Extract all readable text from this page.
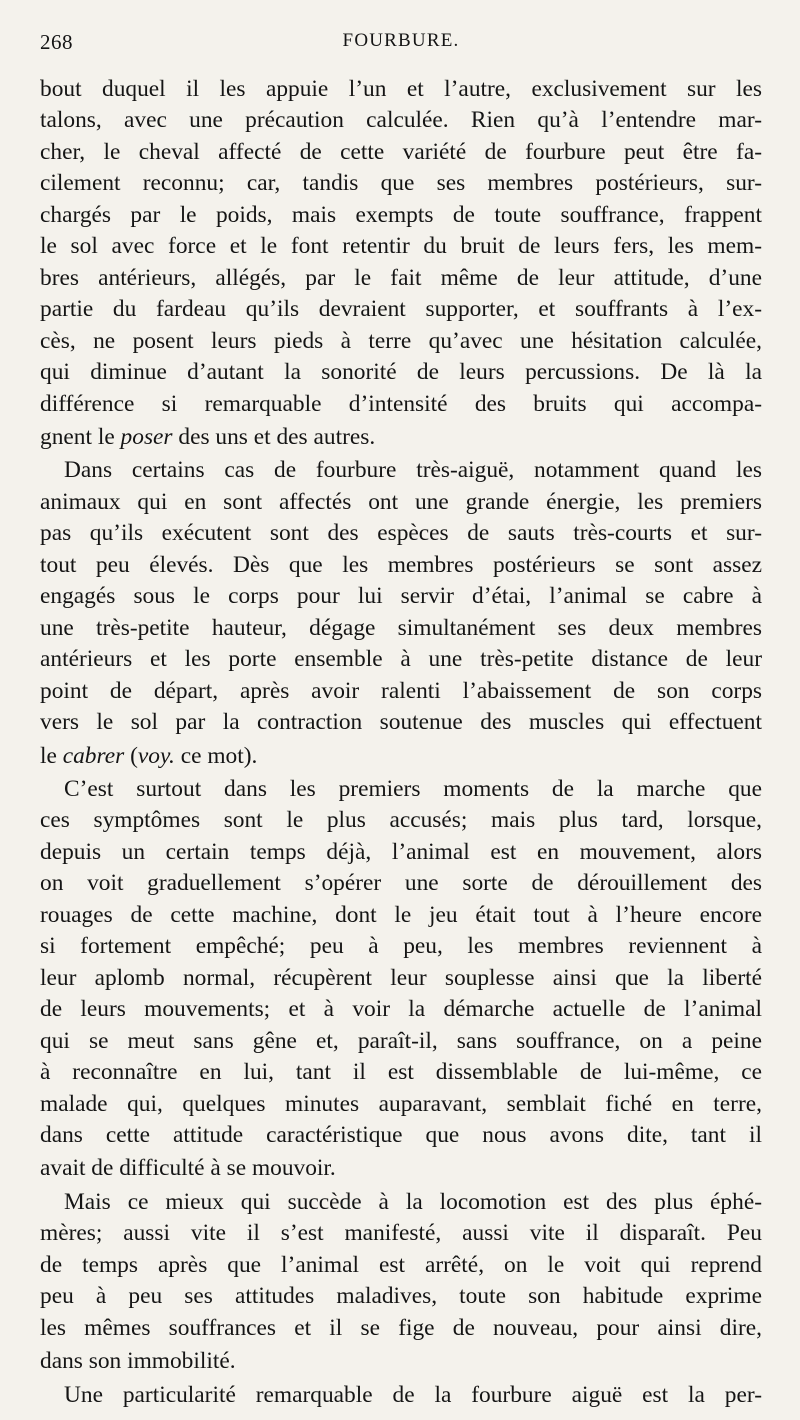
268	FOURBURE.

bout duquel il les appuie l’un et l’autre, exclusivement sur les
talons, avec une précaution calculée. Rien qu’à l’entendre mar-
cher, le cheval affecté de cette variété de fourbure peut être fa-
cilement reconnu; car, tandis que ses membres postérieurs, sur-
chargés par le poids, mais exempts de toute souffrance, frappent
le sol avec force et le font retentir du bruit de leurs fers, les mem-
bres antérieurs, allégés, par le fait même de leur attitude, d’une
partie du fardeau qu’ils devraient supporter, et souffrants à l’ex-
cès, ne posent leurs pieds à terre qu’avec une hésitation calculée,
qui diminue d’autant la sonorité de leurs percussions. De là la
différence si remarquable d’intensité des bruits qui accompa-

gnent le poser des uns et des autres.

Dans certains cas de fourbure très-aiguë, notamment quand les
animaux qui en sont affectés ont une grande énergie, les premiers
pas qu’ils exécutent sont des espèces de sauts très-courts et sur-
tout peu élevés. Dès que les membres postérieurs se sont assez
engagés sous le corps pour lui servir d’étai, l’animal se cabre à
une très-petite hauteur, dégage simultanément ses deux membres
antérieurs et les porte ensemble à une très-petite distance de leur
point de départ, après avoir ralenti l’abaissement de son corps
vers le sol par la contraction soutenue des muscles qui effectuent

le cabrer (voy. ce mot).

C’est surtout dans les premiers moments de la marche que
ces symptômes sont le plus accusés; mais plus tard, lorsque,
depuis un certain temps déjà, l’animal est en mouvement, alors
on voit graduellement s’opérer une sorte de dérouillement des
rouages de cette machine, dont le jeu était tout à l’heure encore
si fortement empêché; peu à peu, les membres reviennent à
leur aplomb normal, récupèrent leur souplesse ainsi que la liberté
de leurs mouvements; et à voir la démarche actuelle de l’animal
qui se meut sans gêne et, paraît-il, sans souffrance, on a peine
à reconnaître en lui, tant il est dissemblable de lui-même, ce
malade qui, quelques minutes auparavant, semblait fiché en terre,
dans cette attitude caractéristique que nous avons dite, tant il

avait de difficulté à se mouvoir.

Mais ce mieux qui succède à la locomotion est des plus éphé-
mères; aussi vite il s’est manifesté, aussi vite il disparaît. Peu
de temps après que l’animal est arrêté, on le voit qui reprend
peu à peu ses attitudes maladives, toute son habitude exprime
les mêmes souffrances et il se fige de nouveau, pour ainsi dire,

dans son immobilité.

Une particularité remarquable de la fourbure aiguë est la per-
